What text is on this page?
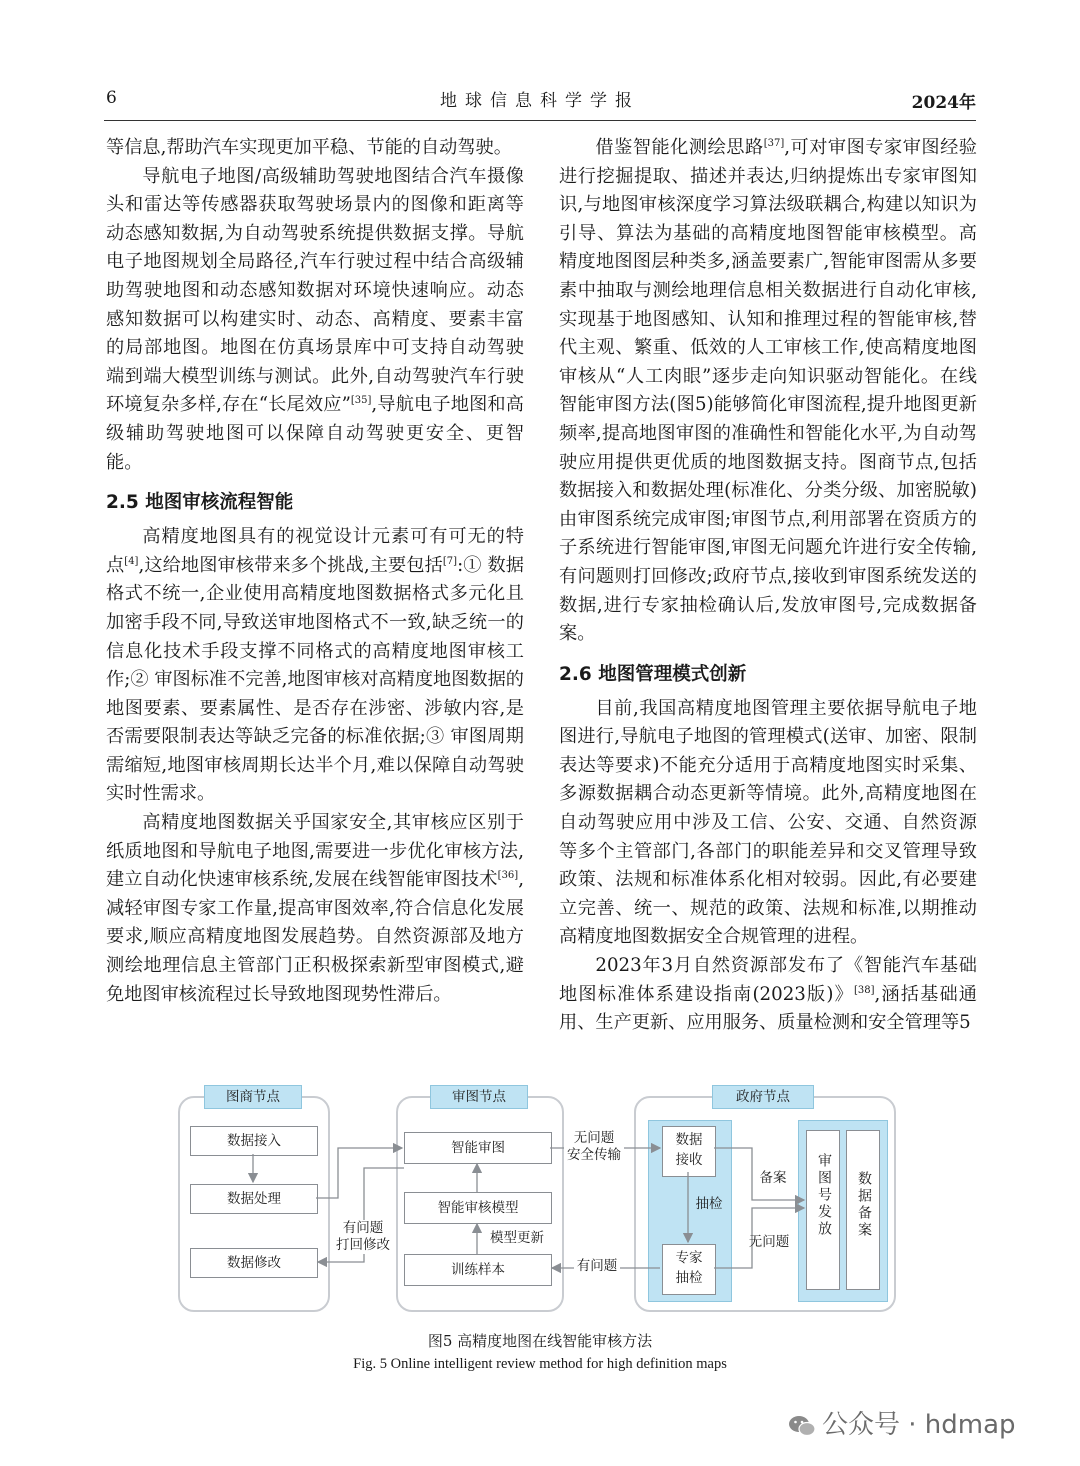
6	地球信息科学学报	2024年

等信息,帮助汽车实现更加平稳、节能的自动驾驶。

导航电子地图/高级辅助驾驶地图结合汽车摄像头和雷达等传感器获取驾驶场景内的图像和距离等动态感知数据,为自动驾驶系统提供数据支撑。导航电子地图规划全局路径,汽车行驶过程中结合高级辅助驾驶地图和动态感知数据对环境快速响应。动态感知数据可以构建实时、动态、高精度、要素丰富的局部地图。地图在仿真场景库中可支持自动驾驶端到端大模型训练与测试。此外,自动驾驶汽车行驶环境复杂多样,存在“长尾效应”[35],导航电子地图和高级辅助驾驶地图可以保障自动驾驶更安全、更智能。

2.5 地图审核流程智能

高精度地图具有的视觉设计元素可有可无的特点[4],这给地图审核带来多个挑战,主要包括[7]:① 数据格式不统一,企业使用高精度地图数据格式多元化且加密手段不同,导致送审地图格式不一致,缺乏统一的信息化技术手段支撑不同格式的高精度地图审核工作;② 审图标准不完善,地图审核对高精度地图数据的地图要素、要素属性、是否存在涉密、涉敏内容,是否需要限制表达等缺乏完备的标准依据;③ 审图周期需缩短,地图审核周期长达半个月,难以保障自动驾驶实时性需求。

高精度地图数据关乎国家安全,其审核应区别于纸质地图和导航电子地图,需要进一步优化审核方法,建立自动化快速审核系统,发展在线智能审图技术[36],减轻审图专家工作量,提高审图效率,符合信息化发展要求,顺应高精度地图发展趋势。自然资源部及地方测绘地理信息主管部门正积极探索新型审图模式,避免地图审核流程过长导致地图现势性滞后。

借鉴智能化测绘思路[37],可对审图专家审图经验进行挖掘提取、描述并表达,归纳提炼出专家审图知识,与地图审核深度学习算法级联耦合,构建以知识为引导、算法为基础的高精度地图智能审核模型。高精度地图图层种类多,涵盖要素广,智能审图需从多要素中抽取与测绘地理信息相关数据进行自动化审核,实现基于地图感知、认知和推理过程的智能审核,替代主观、繁重、低效的人工审核工作,使高精度地图审核从“人工肉眼”逐步走向知识驱动智能化。在线智能审图方法(图5)能够简化审图流程,提升地图更新频率,提高地图审图的准确性和智能化水平,为自动驾驶应用提供更优质的地图数据支持。图商节点,包括数据接入和数据处理(标准化、分类分级、加密脱敏)由审图系统完成审图;审图节点,利用部署在资质方的子系统进行智能审图,审图无问题允许进行安全传输,有问题则打回修改;政府节点,接收到审图系统发送的数据,进行专家抽检确认后,发放审图号,完成数据备案。

2.6 地图管理模式创新

目前,我国高精度地图管理主要依据导航电子地图进行,导航电子地图的管理模式(送审、加密、限制表达等要求)不能充分适用于高精度地图实时采集、多源数据耦合动态更新等情境。此外,高精度地图在自动驾驶应用中涉及工信、公安、交通、自然资源等多个主管部门,各部门的职能差异和交叉管理导致政策、法规和标准体系化相对较弱。因此,有必要建立完善、统一、规范的政策、法规和标准,以期推动高精度地图数据安全合规管理的进程。

2023年3月自然资源部发布了《智能汽车基础地图标准体系建设指南(2023版)》[38],涵括基础通用、生产更新、应用服务、质量检测和安全管理等5

图商节点
数据接入
数据处理
数据修改
审图节点
智能审图
智能审核模型
训练样本
政府节点
数据接收
专家抽检
审图号发放 数据备案
无问题
安全传输
有问题
打回修改	模型更新
有问题
抽检
备案
无问题
图5 高精度地图在线智能审核方法
Fig. 5 Online intelligent review method for high definition maps
公众号 · hdmap
